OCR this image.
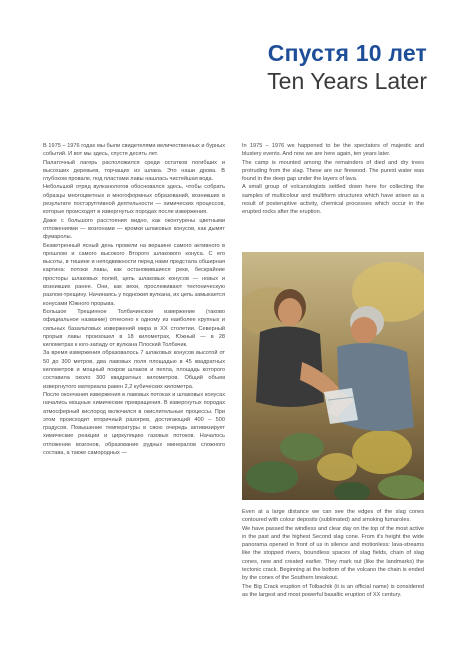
Спустя 10 лет
Ten Years Later

В 1975 – 1976 годах мы были свидетелями величественных и бурных событий. И вот мы здесь, спустя десять лет.

Палаточный лагерь расположился среди остатков погибших и высохших деревьев, торчащих из шлака. Это наши дрова. В глубоком провале, под пластами лавы нашлась чистейшая вода.

Небольшой отряд вулканологов обосновался здесь, чтобы собрать образцы многоцветных и многоформных образований, возникших в результате постэруптивной деятельности — химических процессов, которые происходят в извергнутых породах после извержения.

Даже с большого расстояния видно, как оконтурены цветными отложениями — возгонами — кромки шлаковых конусов, как дымят фумаролы.

Безветренный ясный день провели на вершине самого активного в прошлом и самого высокого Второго шлакового конуса. С его высоты, в тишине и неподвижности перед нами предстала обширная картина: потоки лавы, как остановившиеся реки, бескрайние просторы шлаковых полей, цепь шлаковых конусов — новых и возникших ранее. Они, как вехи, прослеживают тектоническую разлом-трещину. Начинаясь у подножия вулкана, их цепь замыкается конусами Южного прорыва.

Большое Трещинное Толбачинское извержение (таково официальное название) отнесено к одному из наиболее крупных и сильных базальтовых извержений мира в ХХ столетии. Северный прорыв лавы произошел в 18 километрах, Южный — в 28 километрах к юго-западу от вулкана Плоский Толбачик.

За время извержения образовалось 7 шлаковых конусов высотой от 50 до 300 метров, два лавовых поля площадью в 45 квадратных километров и мощный покров шлаков и пепла, площадь которого составила около 300 квадратных километров. Общий объем извергнутого материала равен 2,2 кубических километра.

После окончания извержения в лавовых потоках и шлаковых конусах начались мощные химические превращения. В извергнутых породах атмосферный кислород включился в окислительные процессы. При этом происходит вторичный разогрев, достигающий 400 – 500 градусов. Повышение температуры в свою очередь активизирует химические реакции и циркуляцию газовых потоков. Началось отложение возгонов, образование рудных минералов сложного состава, а также самородных —

In 1975 – 1976 we happened to be the spectators of majestic and blustery events. And now we are here again, ten years later.

The camp is mounted among the remainders of died and dry trees protruding from the slag. These are our firewood. The purest water was found in the deep gap under the layers of lava.

A small group of volcanologists settled down here for collecting the samples of multicolour and multiform structures which have arisen as a result of posteruptive activity, chemical processes which occur in the erupted rocks after the eruption.

Even at a large distance we can see the edges of the slag cones contoured with colour deposits (sublimated) and smoking fumaroles.

We have passed the windless and clear day on the top of the most active in the past and the highest Second slag cone. From it's height the wide panorama opened in front of us in silence and motionless: lava-streams like the stopped rivers, boundless spaces of slag fields, chain of slag cones, new and created earlier. They mark out (like the landmarks) the tectonic crack. Beginning at the bottom of the volcano the chain is ended by the cones of the Southern breakout.

The Big Crack eruption of Tolbachik (it is an official name) is considered as the largest and most powerful basaltic eruption of XX century.
